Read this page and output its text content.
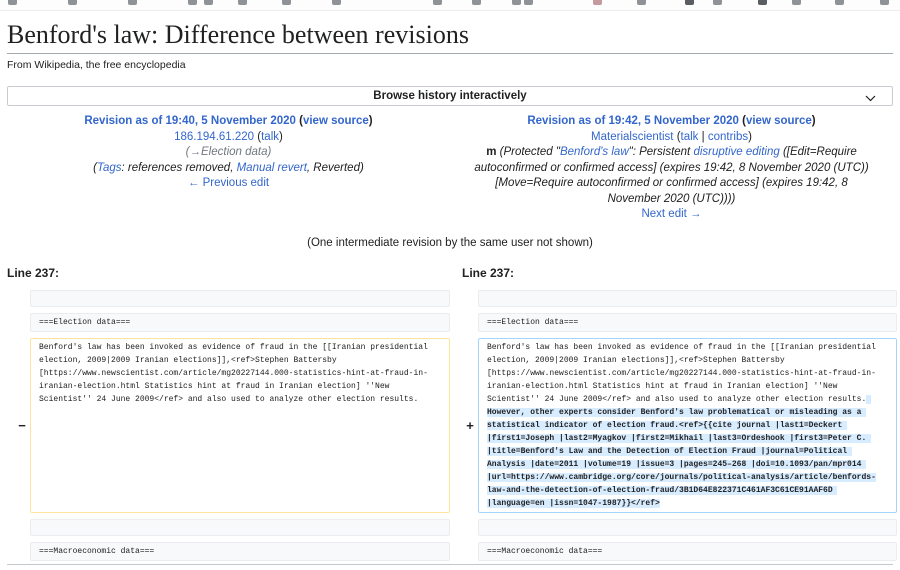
Benford's law: Difference between revisions
From Wikipedia, the free encyclopedia
Browse history interactively
Revision as of 19:40, 5 November 2020 (view source)
186.194.61.220 (talk)
(→Election data)
(Tags: references removed, Manual revert, Reverted)
← Previous edit
Revision as of 19:42, 5 November 2020 (view source)
Materialscientist (talk | contribs)
m (Protected "Benford's law": Persistent disruptive editing ([Edit=Require autoconfirmed or confirmed access] (expires 19:42, 8 November 2020 (UTC)) [Move=Require autoconfirmed or confirmed access] (expires 19:42, 8 November 2020 (UTC))))
Next edit →
(One intermediate revision by the same user not shown)
Line 237:	Line 237:
===Election data===	===Election data===
−
Benford's law has been invoked as evidence of fraud in the [[Iranian presidential election, 2009|2009 Iranian elections]],<ref>Stephen Battersby [https://www.newscientist.com/article/mg20227144.000-statistics-hint-at-fraud-in-iranian-election.html Statistics hint at fraud in Iranian election] ''New Scientist'' 24 June 2009</ref> and also used to analyze other election results.
+
Benford's law has been invoked as evidence of fraud in the [[Iranian presidential election, 2009|2009 Iranian elections]],<ref>Stephen Battersby [https://www.newscientist.com/article/mg20227144.000-statistics-hint-at-fraud-in-iranian-election.html Statistics hint at fraud in Iranian election] ''New Scientist'' 24 June 2009</ref> and also used to analyze other election results. However, other experts consider Benford's law problematical or misleading as a statistical indicator of election fraud.<ref>{{cite journal |last1=Deckert |first1=Joseph |last2=Myagkov |first2=Mikhail |last3=Ordeshook |first3=Peter C. |title=Benford's Law and the Detection of Election Fraud |journal=Political Analysis |date=2011 |volume=19 |issue=3 |pages=245–268 |doi=10.1093/pan/mpr014 |url=https://www.cambridge.org/core/journals/political-analysis/article/benfords-law-and-the-detection-of-election-fraud/3B1D64E822371C461AF3C61CE91AAF6D |language=en |issn=1047-1987}}</ref>
===Macroeconomic data===	===Macroeconomic data===
